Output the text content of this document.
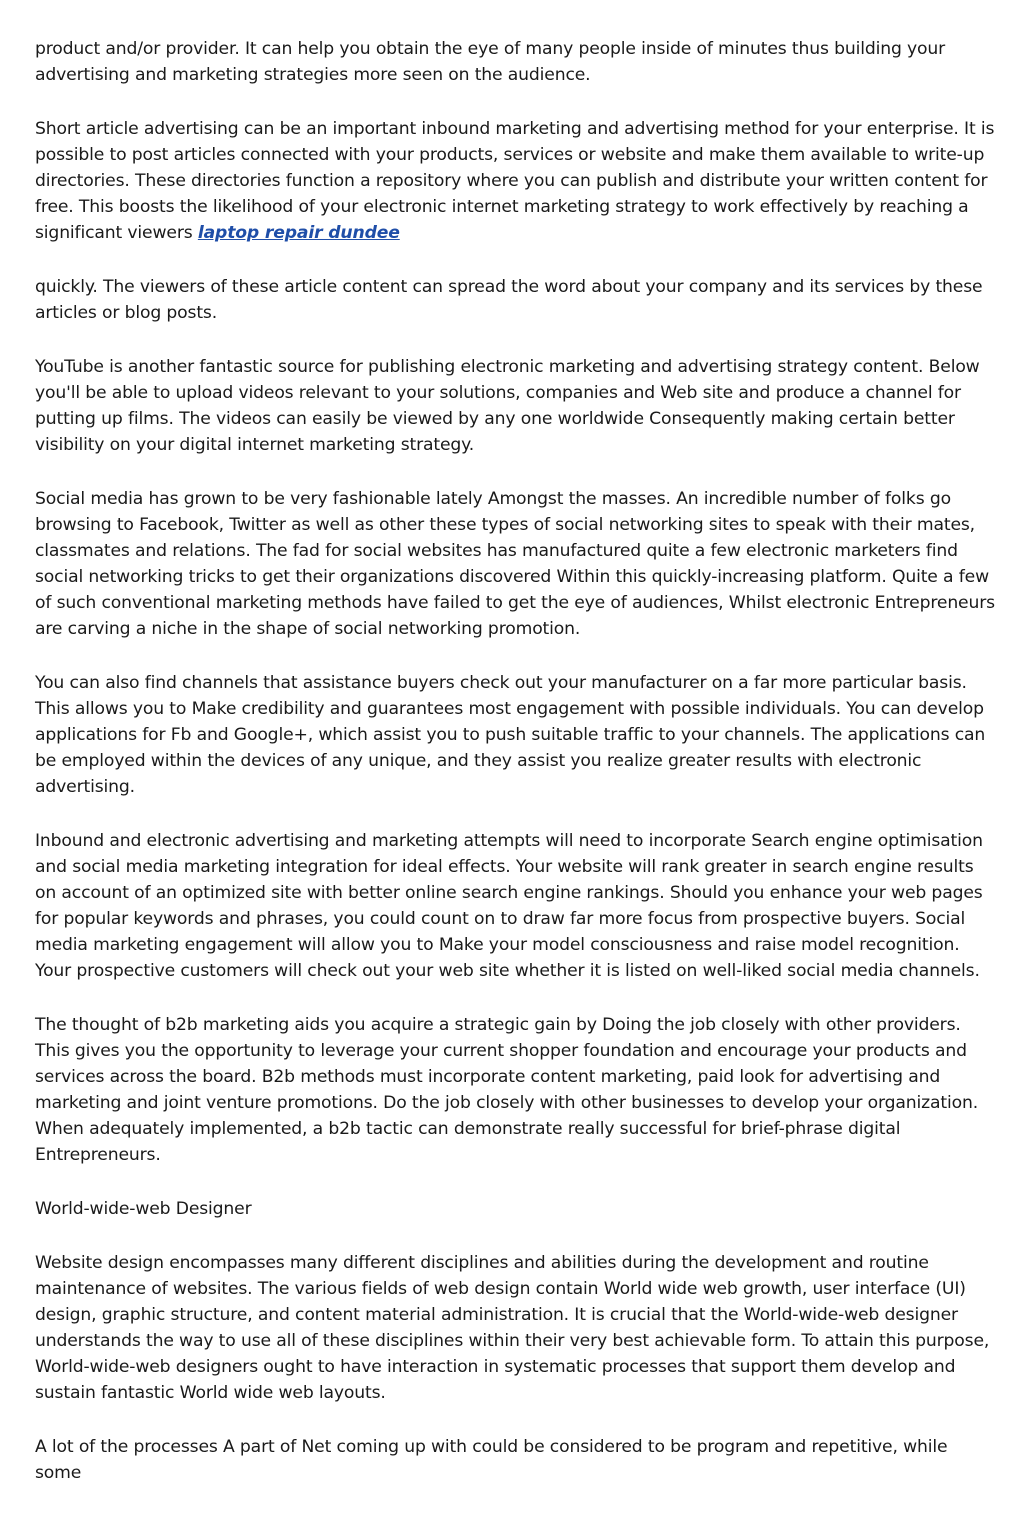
product and/or provider. It can help you obtain the eye of many people inside of minutes thus building your advertising and marketing strategies more seen on the audience.

Short article advertising can be an important inbound marketing and advertising method for your enterprise. It is possible to post articles connected with your products, services or website and make them available to write-up directories. These directories function a repository where you can publish and distribute your written content for free. This boosts the likelihood of your electronic internet marketing strategy to work effectively by reaching a significant viewers laptop repair dundee

quickly. The viewers of these article content can spread the word about your company and its services by these articles or blog posts.

YouTube is another fantastic source for publishing electronic marketing and advertising strategy content. Below you'll be able to upload videos relevant to your solutions, companies and Web site and produce a channel for putting up films. The videos can easily be viewed by any one worldwide Consequently making certain better visibility on your digital internet marketing strategy.

Social media has grown to be very fashionable lately Amongst the masses. An incredible number of folks go browsing to Facebook, Twitter as well as other these types of social networking sites to speak with their mates, classmates and relations. The fad for social websites has manufactured quite a few electronic marketers find social networking tricks to get their organizations discovered Within this quickly-increasing platform. Quite a few of such conventional marketing methods have failed to get the eye of audiences, Whilst electronic Entrepreneurs are carving a niche in the shape of social networking promotion.

You can also find channels that assistance buyers check out your manufacturer on a far more particular basis. This allows you to Make credibility and guarantees most engagement with possible individuals. You can develop applications for Fb and Google+, which assist you to push suitable traffic to your channels. The applications can be employed within the devices of any unique, and they assist you realize greater results with electronic advertising.

Inbound and electronic advertising and marketing attempts will need to incorporate Search engine optimisation and social media marketing integration for ideal effects. Your website will rank greater in search engine results on account of an optimized site with better online search engine rankings. Should you enhance your web pages for popular keywords and phrases, you could count on to draw far more focus from prospective buyers. Social media marketing engagement will allow you to Make your model consciousness and raise model recognition. Your prospective customers will check out your web site whether it is listed on well-liked social media channels.

The thought of b2b marketing aids you acquire a strategic gain by Doing the job closely with other providers. This gives you the opportunity to leverage your current shopper foundation and encourage your products and services across the board. B2b methods must incorporate content marketing, paid look for advertising and marketing and joint venture promotions. Do the job closely with other businesses to develop your organization. When adequately implemented, a b2b tactic can demonstrate really successful for brief-phrase digital Entrepreneurs.

World-wide-web Designer

Website design encompasses many different disciplines and abilities during the development and routine maintenance of websites. The various fields of web design contain World wide web growth, user interface (UI) design, graphic structure, and content material administration. It is crucial that the World-wide-web designer understands the way to use all of these disciplines within their very best achievable form. To attain this purpose, World-wide-web designers ought to have interaction in systematic processes that support them develop and sustain fantastic World wide web layouts.

A lot of the processes A part of Net coming up with could be considered to be program and repetitive, while some
